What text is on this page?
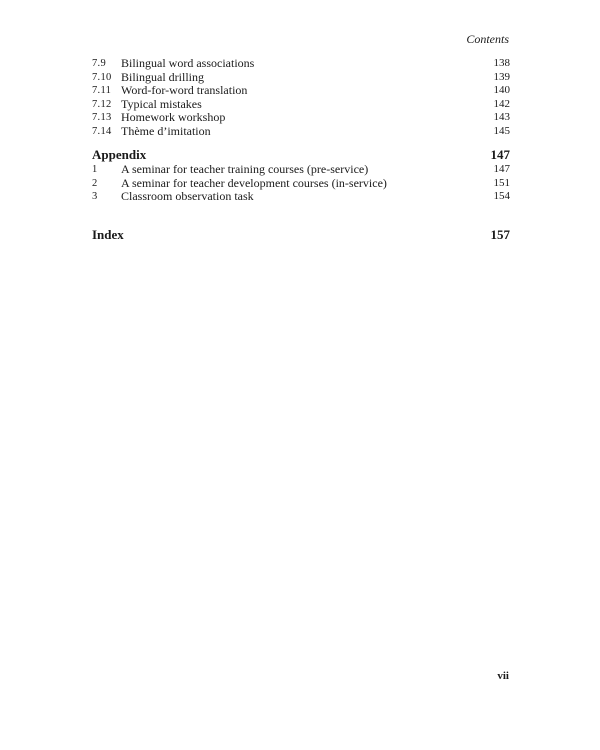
Contents
7.9 Bilingual word associations	138
7.10 Bilingual drilling	139
7.11 Word-for-word translation	140
7.12 Typical mistakes	142
7.13 Homework workshop	143
7.14 Thème d’imitation	145
Appendix	147
1 A seminar for teacher training courses (pre-service)	147
2 A seminar for teacher development courses (in-service)	151
3 Classroom observation task	154
Index	157
vii
